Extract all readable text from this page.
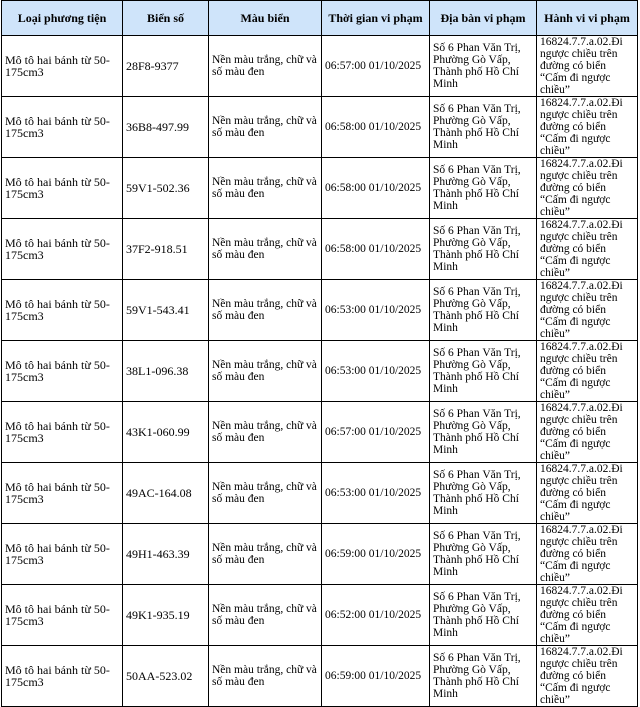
Loại phương tiện	Biển số	Màu biển	Thời gian vi phạm	Địa bàn vi phạm	Hành vi vi phạm
Mô tô hai bánh từ 50-175cm3	28F8-9377	Nền màu trắng, chữ và số màu đen	06:57:00 01/10/2025	Số 6 Phan Văn Trị, Phường Gò Vấp, Thành phố Hồ Chí Minh	16824.7.7.a.02.Đi ngược chiều trên đường có biển “Cấm đi ngược chiều”
Mô tô hai bánh từ 50-175cm3	36B8-497.99	Nền màu trắng, chữ và số màu đen	06:58:00 01/10/2025	Số 6 Phan Văn Trị, Phường Gò Vấp, Thành phố Hồ Chí Minh	16824.7.7.a.02.Đi ngược chiều trên đường có biển “Cấm đi ngược chiều”
Mô tô hai bánh từ 50-175cm3	59V1-502.36	Nền màu trắng, chữ và số màu đen	06:58:00 01/10/2025	Số 6 Phan Văn Trị, Phường Gò Vấp, Thành phố Hồ Chí Minh	16824.7.7.a.02.Đi ngược chiều trên đường có biển “Cấm đi ngược chiều”
Mô tô hai bánh từ 50-175cm3	37F2-918.51	Nền màu trắng, chữ và số màu đen	06:58:00 01/10/2025	Số 6 Phan Văn Trị, Phường Gò Vấp, Thành phố Hồ Chí Minh	16824.7.7.a.02.Đi ngược chiều trên đường có biển “Cấm đi ngược chiều”
Mô tô hai bánh từ 50-175cm3	59V1-543.41	Nền màu trắng, chữ và số màu đen	06:53:00 01/10/2025	Số 6 Phan Văn Trị, Phường Gò Vấp, Thành phố Hồ Chí Minh	16824.7.7.a.02.Đi ngược chiều trên đường có biển “Cấm đi ngược chiều”
Mô tô hai bánh từ 50-175cm3	38L1-096.38	Nền màu trắng, chữ và số màu đen	06:53:00 01/10/2025	Số 6 Phan Văn Trị, Phường Gò Vấp, Thành phố Hồ Chí Minh	16824.7.7.a.02.Đi ngược chiều trên đường có biển “Cấm đi ngược chiều”
Mô tô hai bánh từ 50-175cm3	43K1-060.99	Nền màu trắng, chữ và số màu đen	06:57:00 01/10/2025	Số 6 Phan Văn Trị, Phường Gò Vấp, Thành phố Hồ Chí Minh	16824.7.7.a.02.Đi ngược chiều trên đường có biển “Cấm đi ngược chiều”
Mô tô hai bánh từ 50-175cm3	49AC-164.08	Nền màu trắng, chữ và số màu đen	06:53:00 01/10/2025	Số 6 Phan Văn Trị, Phường Gò Vấp, Thành phố Hồ Chí Minh	16824.7.7.a.02.Đi ngược chiều trên đường có biển “Cấm đi ngược chiều”
Mô tô hai bánh từ 50-175cm3	49H1-463.39	Nền màu trắng, chữ và số màu đen	06:59:00 01/10/2025	Số 6 Phan Văn Trị, Phường Gò Vấp, Thành phố Hồ Chí Minh	16824.7.7.a.02.Đi ngược chiều trên đường có biển “Cấm đi ngược chiều”
Mô tô hai bánh từ 50-175cm3	49K1-935.19	Nền màu trắng, chữ và số màu đen	06:52:00 01/10/2025	Số 6 Phan Văn Trị, Phường Gò Vấp, Thành phố Hồ Chí Minh	16824.7.7.a.02.Đi ngược chiều trên đường có biển “Cấm đi ngược chiều”
Mô tô hai bánh từ 50-175cm3	50AA-523.02	Nền màu trắng, chữ và số màu đen	06:59:00 01/10/2025	Số 6 Phan Văn Trị, Phường Gò Vấp, Thành phố Hồ Chí Minh	16824.7.7.a.02.Đi ngược chiều trên đường có biển “Cấm đi ngược chiều”
